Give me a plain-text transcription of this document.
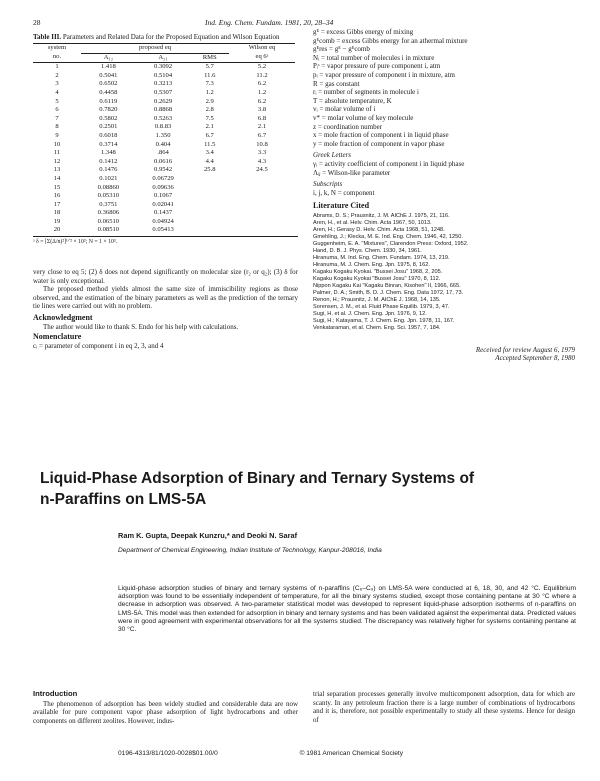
28	Ind. Eng. Chem. Fundam. 1981, 20, 28–34
Table III. Parameters and Related Data for the Proposed Equation and Wilson Equation
system	proposed eq			Wilson eq
no.	A₁₂	A₂₁	RMS	eq 6ᵃ
1	1.418	0.3092	5.7	5.2
2	0.5041	0.5104	11.6	11.2
3	0.6502	0.3213	7.3	6.2
4	0.4458	0.5307	1.2	1.2
5	0.6119	0.2629	2.9	6.2
6	0.7820	0.8868	2.8	3.8
7	0.5802	0.5263	7.5	6.8
8	0.2501	0.8.83	2.1	2.1
9	0.6018	1.350	6.7	6.7
10	0.3714	0.404	11.5	10.8
11	1.348	.864	3.4	3.3
12	0.1412	0.0616	4.4	4.3
13	0.1476	0.9542	25.8	24.5
14	0.1021	0.06729		
15	0.08860	0.09636		
16	0.05310	0.1067		
17	0.3751	0.02041		
18	0.36806	0.1437		
19	0.06510	0.04924		
20	0.08510	0.05413		
ᵃ δ = [Σ(Δ/n)²]¹ᐟ² × 10²; N = 1 × 10³.

very close to eq 5; (2) δ does not depend significantly on molecular size (r₂ or q₂); (3) δ for water is only exceptional.

The proposed method yields almost the same size of immiscibility regions as those observed, and the estimation of the binary parameters as well as the prediction of the ternary tie lines were carried out with no problem.

Acknowledgment

The author would like to thank S. Endo for his help with calculations.

Nomenclature

cᵢ = parameter of component i in eq 2, 3, and 4

gᴱ = excess Gibbs energy of mixing

gᴱcomb = excess Gibbs energy for an athermal mixture

gᴱres = gᴱ − gᴱcomb

Nᵢ = total number of molecules i in mixture

Pᵢˢ = vapor pressure of pure component i, atm

pᵢ = vapor pressure of component i in mixture, atm

R = gas constant

rᵢ = number of segments in molecule i

T = absolute temperature, K

vᵢ = molar volume of i

v* = molar volume of key molecule

z = coordination number

x = mole fraction of component i in liquid phase

y = mole fraction of component in vapor phase

Greek Letters

γᵢ = activity coefficient of component i in liquid phase

Λᵢⱼ = Wilson-like parameter

Subscripts

i, j, k, N = component

Literature Cited

Abrams, D. S.; Prausnitz, J. M. AIChE J. 1975, 21, 116.

Aren, H., et al. Helv. Chim. Acta 1967, 50, 1013.

Aren, H.; Gerasy D. Helv. Chim. Acta 1968, 51, 1248.

Gmehling, J.; Klecka, M. E. Ind. Eng. Chem. 1946, 42, 1250.

Guggenheim, E. A. "Mixtures", Clarendon Press: Oxford, 1952.

Hand, D. B. J. Phys. Chem. 1930, 34, 1961.

Hiranuma, M. Ind. Eng. Chem. Fundam. 1974, 13, 219.

Hiranuma, M. J. Chem. Eng. Jpn. 1975, 8, 162.

Kagaku Kogaku Kyokai. "Bussei Josu" 1968, 2, 205.

Kagaku Kogaku Kyokai "Bussei Josu" 1970, 8, 112.

Nippon Kagaku Kai "Kagaku Binran, Kisohen" II, 1966, 665.

Palmer, D. A.; Smith, B. D. J. Chem. Eng. Data 1972, 17, 73.

Renon, H.; Prausnitz, J. M. AIChE J. 1968, 14, 135.

Sorensen, J. M., et al. Fluid Phase Equilib. 1979, 3, 47.

Sugi, H. et al. J. Chem. Eng. Jpn. 1976, 9, 12.

Sugi, H.; Katayama, T. J. Chem. Eng. Jpn. 1978, 11, 167.

Venkataraman, et al. Chem. Eng. Sci. 1957, 7, 184.

Received for review August 6, 1979
Accepted September 8, 1980
Liquid-Phase Adsorption of Binary and Ternary Systems of
n-Paraffins on LMS-5A
Ram K. Gupta, Deepak Kunzru,* and Deoki N. Saraf
Department of Chemical Engineering, Indian Institute of Technology, Kanpur-208016, India
Liquid-phase adsorption studies of binary and ternary systems of n-paraffins (C₆–C₉) on LMS-5A were conducted at 6, 18, 30, and 42 °C. Equilibrium adsorption was found to be essentially independent of temperature, for all the binary systems studied, except those containing pentane at 30 °C where a decrease in adsorption was observed. A two-parameter statistical model was developed to represent liquid-phase adsorption isotherms of n-paraffins on LMS-5A. This model was then extended for adsorption in binary and ternary systems and has been validated against the experimental data. Predicted values were in good agreement with experimental observations for all the systems studied. The discrepancy was relatively higher for systems containing pentane at 30 °C.
Introduction

The phenomenon of adsorption has been widely studied and considerable data are now available for pure component vapor phase adsorption of light hydrocarbons and other components on different zeolites. However, indus-

trial separation processes generally involve multicomponent adsorption, data for which are scanty. In any petroleum fraction there is a large number of combinations of hydrocarbons and it is, therefore, not possible experimentally to study all these systems. Hence for design of

0196-4313/81/1020-0028$01.00/0	© 1981 American Chemical Society
